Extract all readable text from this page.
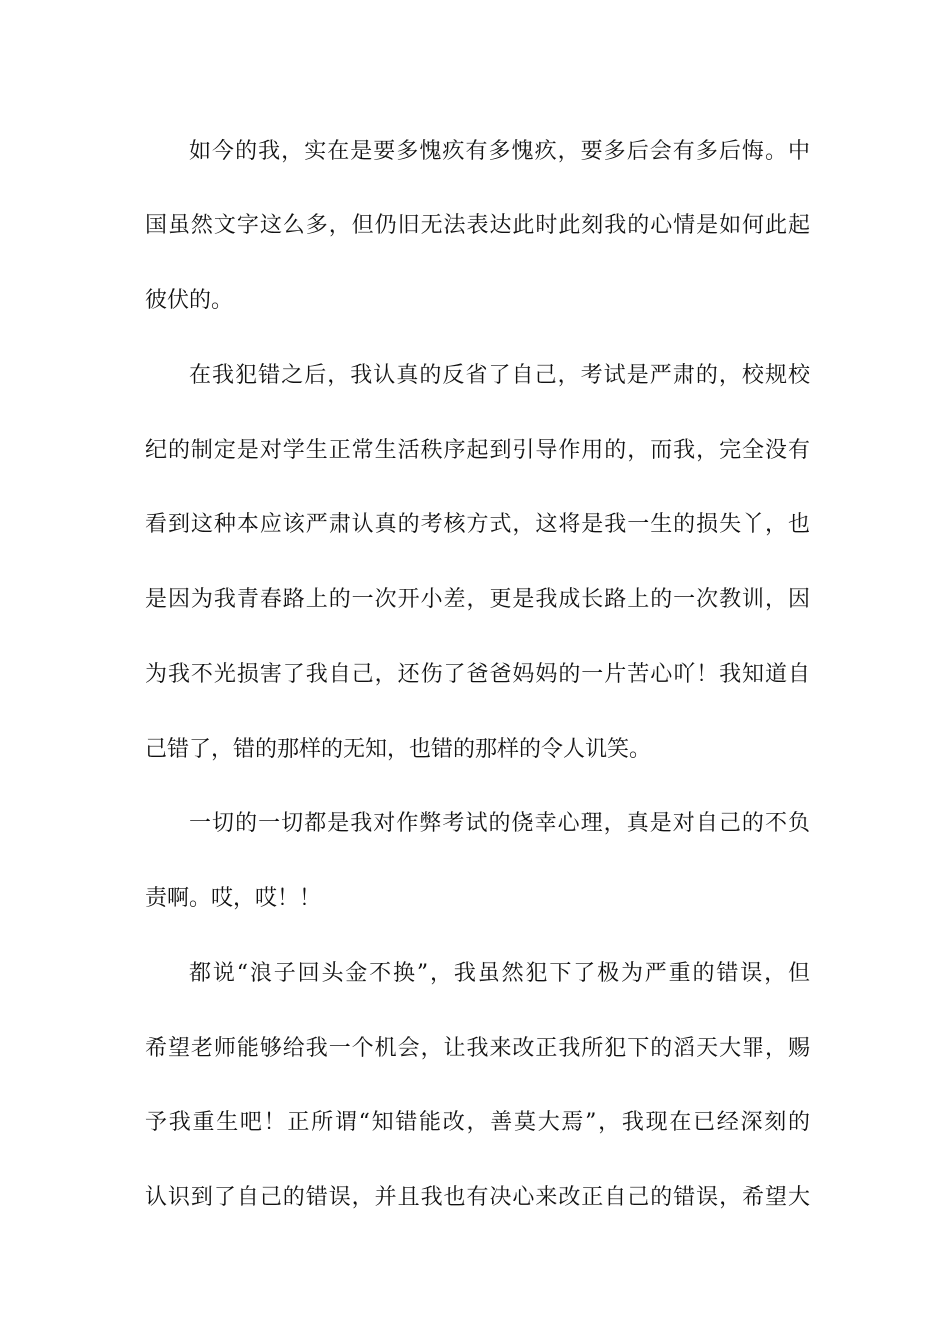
如今的我，实在是要多愧疚有多愧疚，要多后会有多后悔。中
国虽然文字这么多，但仍旧无法表达此时此刻我的心情是如何此起
彼伏的。
在我犯错之后，我认真的反省了自己，考试是严肃的，校规校
纪的制定是对学生正常生活秩序起到引导作用的，而我，完全没有
看到这种本应该严肃认真的考核方式，这将是我一生的损失丫，也
是因为我青春路上的一次开小差，更是我成长路上的一次教训，因
为我不光损害了我自己，还伤了爸爸妈妈的一片苦心吖！我知道自
己错了，错的那样的无知，也错的那样的令人讥笑。
一切的一切都是我对作弊考试的侥幸心理，真是对自己的不负
责啊。哎，哎！！
都说“浪子回头金不换”，我虽然犯下了极为严重的错误，但
希望老师能够给我一个机会，让我来改正我所犯下的滔天大罪，赐
予我重生吧！正所谓“知错能改，善莫大焉”，我现在已经深刻的
认识到了自己的错误，并且我也有决心来改正自己的错误，希望大
